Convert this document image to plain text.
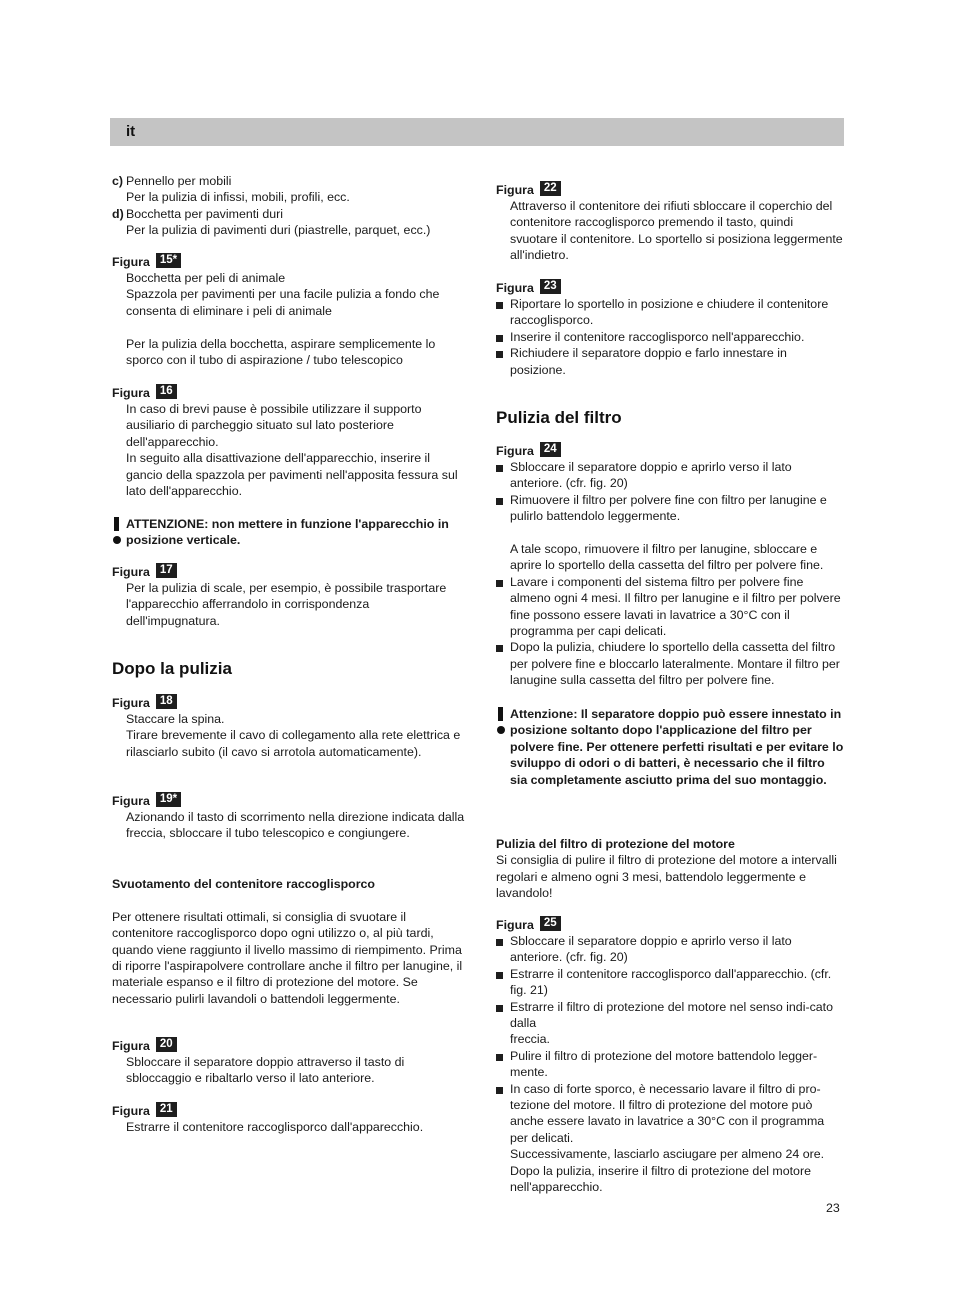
it
c) Pennello per mobili

Per la pulizia di infissi, mobili, profili, ecc.

d) Bocchetta per pavimenti duri

Per la pulizia di pavimenti duri (piastrelle, parquet, ecc.)

Figura 15*

Bocchetta per peli di animale

Spazzola per pavimenti per una facile pulizia a fondo che consenta di eliminare i peli di animale

Per la pulizia della bocchetta, aspirare semplicemente lo sporco con il tubo di aspirazione / tubo telescopico

Figura 16

In caso di brevi pause è possibile utilizzare il supporto ausiliario di parcheggio situato sul lato posteriore dell'apparecchio.

In seguito alla disattivazione dell'apparecchio, inserire il gancio della spazzola per pavimenti nell'apposita fessura sul lato dell'apparecchio.

ATTENZIONE: non mettere in funzione l'apparecchio in posizione verticale.
Figura 17

Per la pulizia di scale, per esempio, è possibile trasportare l'apparecchio afferrandolo in corrispondenza dell'impugnatura.

Dopo la pulizia
Figura 18

Staccare la spina.

Tirare brevemente il cavo di collegamento alla rete elettrica e rilasciarlo subito (il cavo si arrotola automaticamente).

Figura 19*

Azionando il tasto di scorrimento nella direzione indicata dalla freccia, sbloccare il tubo telescopico e congiungere.

Svuotamento del contenitore raccoglisporco

Per ottenere risultati ottimali, si consiglia di svuotare il contenitore raccoglisporco dopo ogni utilizzo o, al più tardi, quando viene raggiunto il livello massimo di riempimento. Prima di riporre l'aspirapolvere controllare anche il filtro per lanugine, il materiale espanso e il filtro di protezione del motore. Se necessario pulirli lavandoli o battendoli leggermente.

Figura 20

Sbloccare il separatore doppio attraverso il tasto di sbloccaggio e ribaltarlo verso il lato anteriore.

Figura 21

Estrarre il contenitore raccoglisporco dall'apparecchio.

Figura 22

Attraverso il contenitore dei rifiuti sbloccare il coperchio del contenitore raccoglisporco premendo il tasto, quindi svuotare il contenitore. Lo sportello si posiziona leggermente all'indietro.

Figura 23
Riportare lo sportello in posizione e chiudere il contenitore raccoglisporco.
Inserire il contenitore raccoglisporco nell'apparecchio.
Richiudere il separatore doppio e farlo innestare in posizione.
Pulizia del filtro
Figura 24
Sbloccare il separatore doppio e aprirlo verso il lato anteriore. (cfr. fig. 20)
Rimuovere il filtro per polvere fine con filtro per lanugine e pulirlo battendolo leggermente.

A tale scopo, rimuovere il filtro per lanugine, sbloccare e aprire lo sportello della cassetta del filtro per polvere fine.

Lavare i componenti del sistema filtro per polvere fine almeno ogni 4 mesi. Il filtro per lanugine e il filtro per polvere fine possono essere lavati in lavatrice a 30°C con il programma per capi delicati.
Dopo la pulizia, chiudere lo sportello della cassetta del filtro per polvere fine e bloccarlo lateralmente. Montare il filtro per lanugine sulla cassetta del filtro per polvere fine.
Attenzione: Il separatore doppio può essere innestato in posizione soltanto dopo l'applicazione del filtro per polvere fine. Per ottenere perfetti risultati e per evitare lo sviluppo di odori o di batteri, è necessario che il filtro sia completamente asciutto prima del suo montaggio.

Pulizia del filtro di protezione del motore

Si consiglia di pulire il filtro di protezione del motore a intervalli regolari e almeno ogni 3 mesi, battendolo leggermente e lavandolo!

Figura 25
Sbloccare il separatore doppio e aprirlo verso il lato anteriore. (cfr. fig. 20)
Estrarre il contenitore raccoglisporco dall'apparecchio. (cfr. fig. 21)
Estrarre il filtro di protezione del motore nel senso indi-cato dalla
freccia.
Pulire il filtro di protezione del motore battendolo legger-mente.
In caso di forte sporco, è necessario lavare il filtro di pro-tezione del motore. Il filtro di protezione del motore può anche essere lavato in lavatrice a 30°C con il programma per delicati.
Successivamente, lasciarlo asciugare per almeno 24 ore.
Dopo la pulizia, inserire il filtro di protezione del motore nell'apparecchio.
23
